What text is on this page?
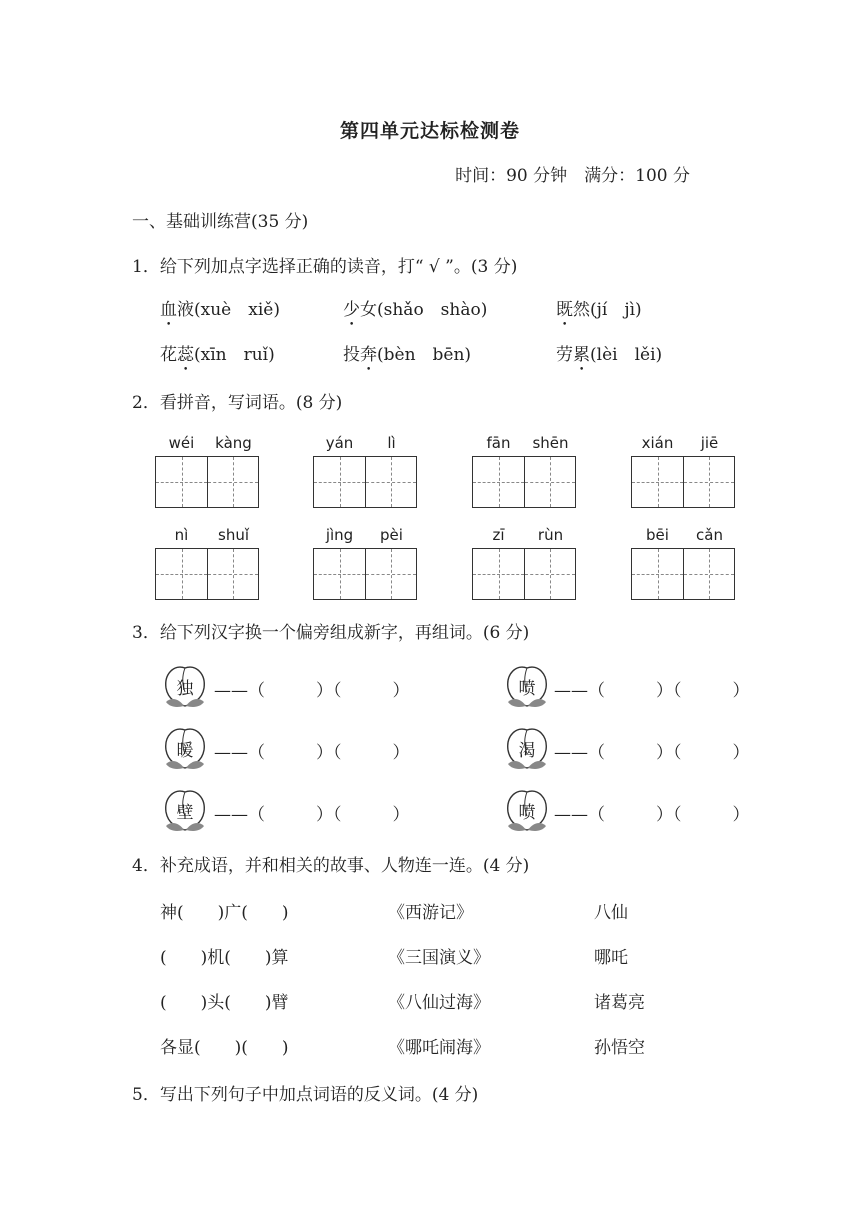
第四单元达标检测卷
时间：90 分钟　满分：100 分
一、基础训练营(35 分)
1．给下列加点字选择正确的读音，打“ √ ”。(3 分)
血液(xuè　xiě)	少女(shǎo　shào)	既然(jí　jì)
花蕊(xīn　ruǐ)	投奔(bèn　bēn)	劳累(lèi　lěi)
2．看拼音，写词语。(8 分)
wéi kàng	yán lì	fān shēn	xián jiē
nì shuǐ	jìng pèi	zī rùn	bēi cǎn
3．给下列汉字换一个偏旁组成新字，再组词。(6 分)
独	——（　　　）（　　　）	喷	——（　　　）（　　　）
暖	——（　　　）（　　　）	渴	——（　　　）（　　　）
壁	——（　　　）（　　　）	喷	——（　　　）（　　　）
4．补充成语，并和相关的故事、人物连一连。(4 分)
神(　　)广(　　)	《西游记》	八仙
(　　)机(　　)算	《三国演义》	哪吒
(　　)头(　　)臂	《八仙过海》	诸葛亮
各显(　　)(　　)	《哪吒闹海》	孙悟空
5．写出下列句子中加点词语的反义词。(4 分)
